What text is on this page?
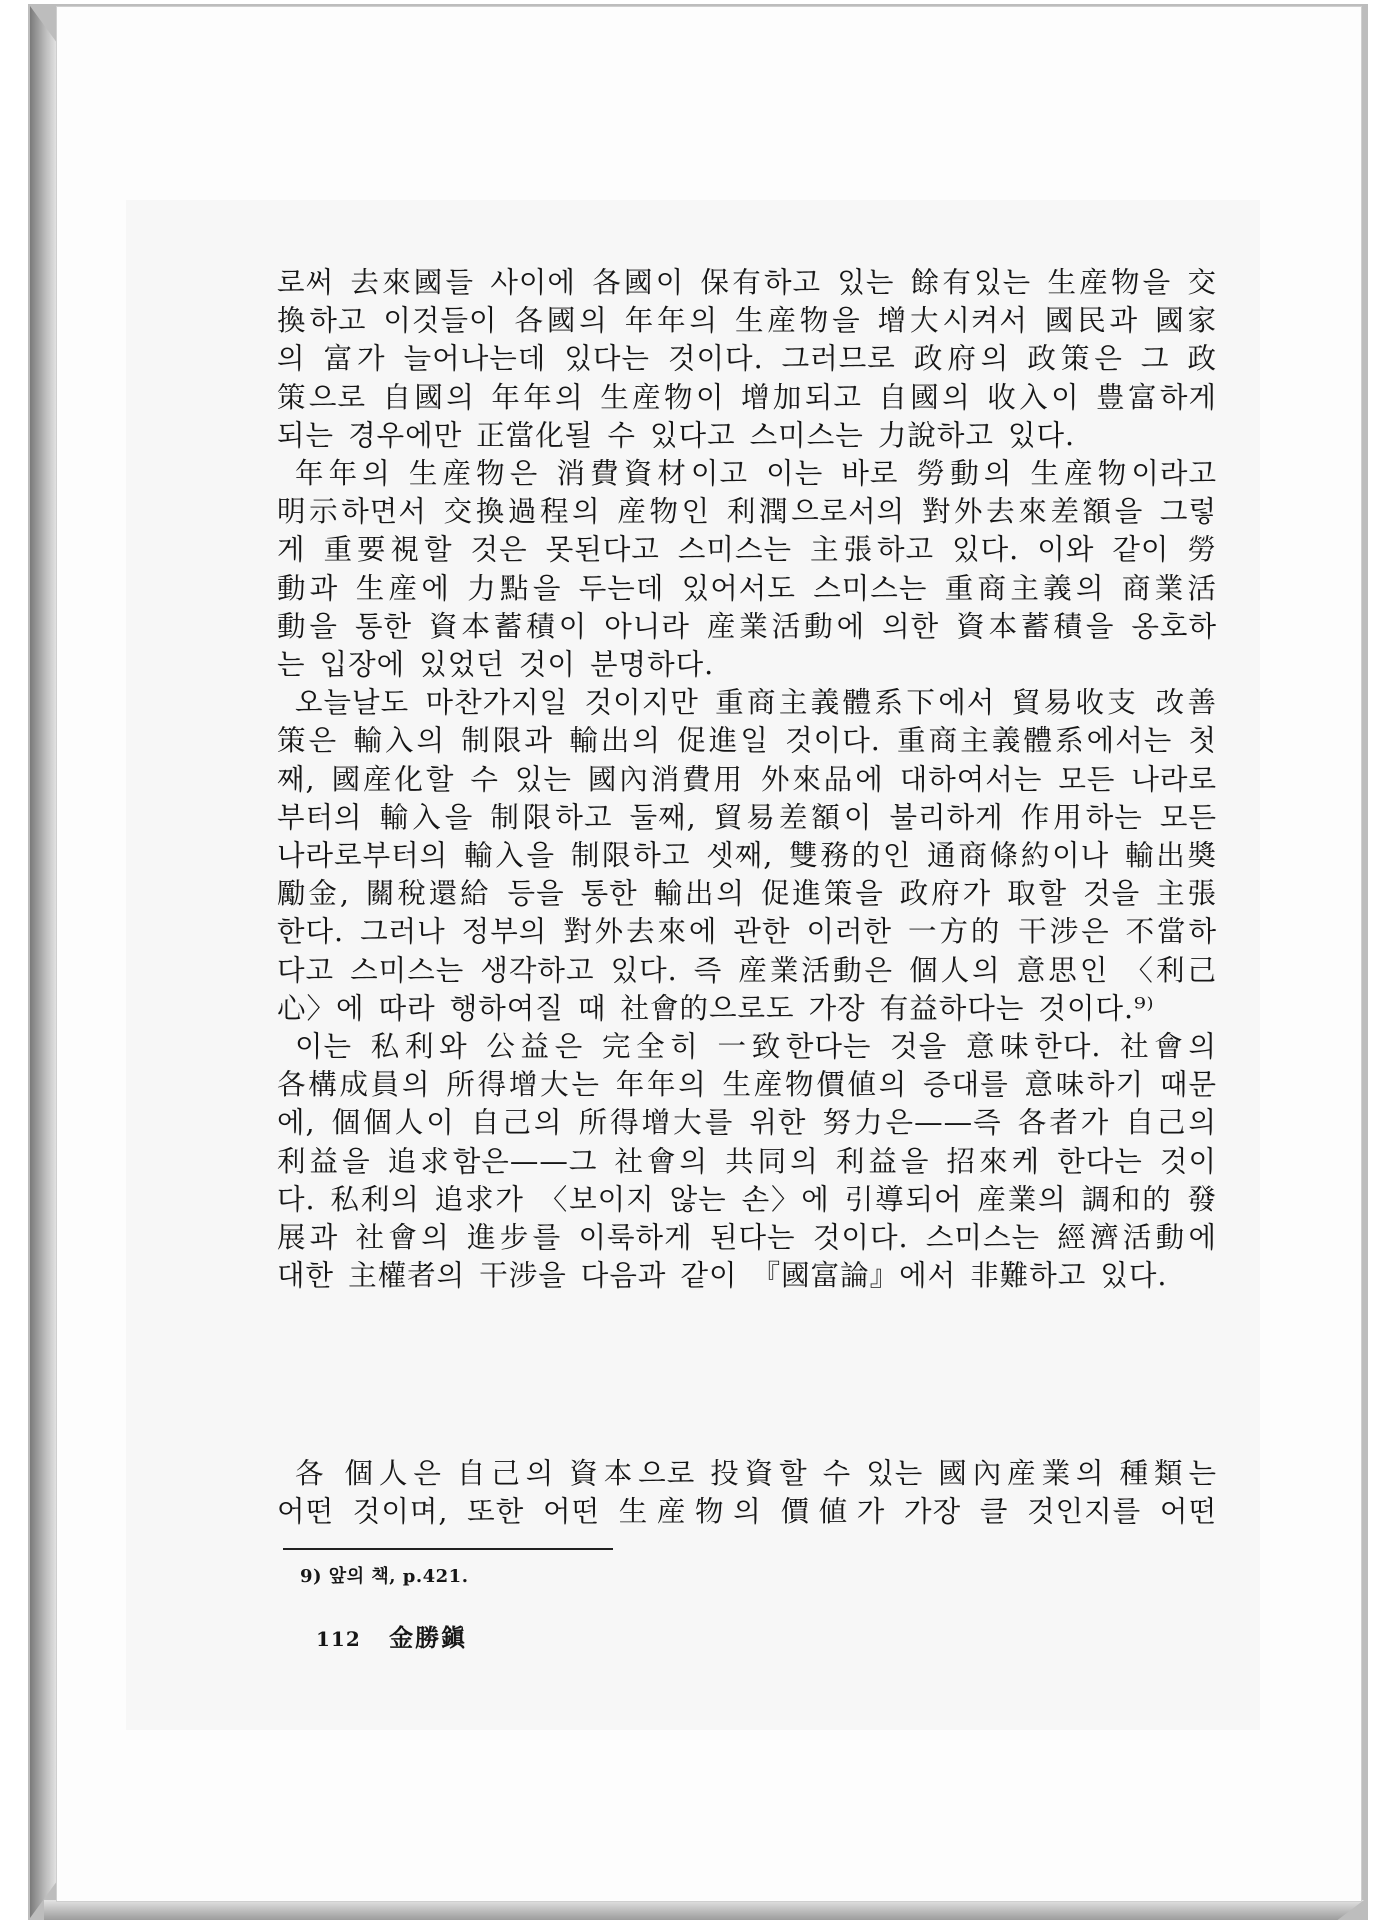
로써 去來國들 사이에 各國이 保有하고 있는 餘有있는 生産物을 交
換하고 이것들이 各國의 年年의 生産物을 增大시켜서 國民과 國家
의 富가 늘어나는데 있다는 것이다. 그러므로 政府의 政策은 그 政
策으로 自國의 年年의 生産物이 增加되고 自國의 收入이 豊富하게
되는 경우에만 正當化될 수 있다고 스미스는 力說하고 있다.

年年의 生産物은 消費資材이고 이는 바로 勞動의 生産物이라고
明示하면서 交換過程의 産物인 利潤으로서의 對外去來差額을 그렇
게 重要視할 것은 못된다고 스미스는 主張하고 있다. 이와 같이 勞
動과 生産에 力點을 두는데 있어서도 스미스는 重商主義의 商業活
動을 통한 資本蓄積이 아니라 産業活動에 의한 資本蓄積을 옹호하
는 입장에 있었던 것이 분명하다.

오늘날도 마찬가지일 것이지만 重商主義體系下에서 貿易收支 改善
策은 輸入의 制限과 輸出의 促進일 것이다. 重商主義體系에서는 첫
째, 國産化할 수 있는 國內消費用 外來品에 대하여서는 모든 나라로
부터의 輸入을 制限하고 둘째, 貿易差額이 불리하게 作用하는 모든
나라로부터의 輸入을 制限하고 셋째, 雙務的인 通商條約이나 輸出奬
勵金, 關稅還給 등을 통한 輸出의 促進策을 政府가 取할 것을 主張
한다. 그러나 정부의 對外去來에 관한 이러한 一方的 干涉은 不當하
다고 스미스는 생각하고 있다. 즉 産業活動은 個人의 意思인 〈利己
心〉에 따라 행하여질 때 社會的으로도 가장 有益하다는 것이다.⁹⁾

이는 私利와 公益은 完全히 一致한다는 것을 意味한다. 社會의
各構成員의 所得增大는 年年의 生産物價値의 증대를 意味하기 때문
에, 個個人이 自己의 所得增大를 위한 努力은——즉 各者가 自己의
利益을 追求함은——그 社會의 共同의 利益을 招來케 한다는 것이
다. 私利의 追求가 〈보이지 않는 손〉에 引導되어 産業의 調和的 發
展과 社會의 進步를 이룩하게 된다는 것이다. 스미스는 經濟活動에
대한 主權者의 干涉을 다음과 같이 『國富論』에서 非難하고 있다.

各 個人은 自己의 資本으로 投資할 수 있는 國內産業의 種類는
어떤 것이며, 또한 어떤 生産物의 價値가 가장 클 것인지를 어떤
9) 앞의 책, p.421.
112 金勝鎭
